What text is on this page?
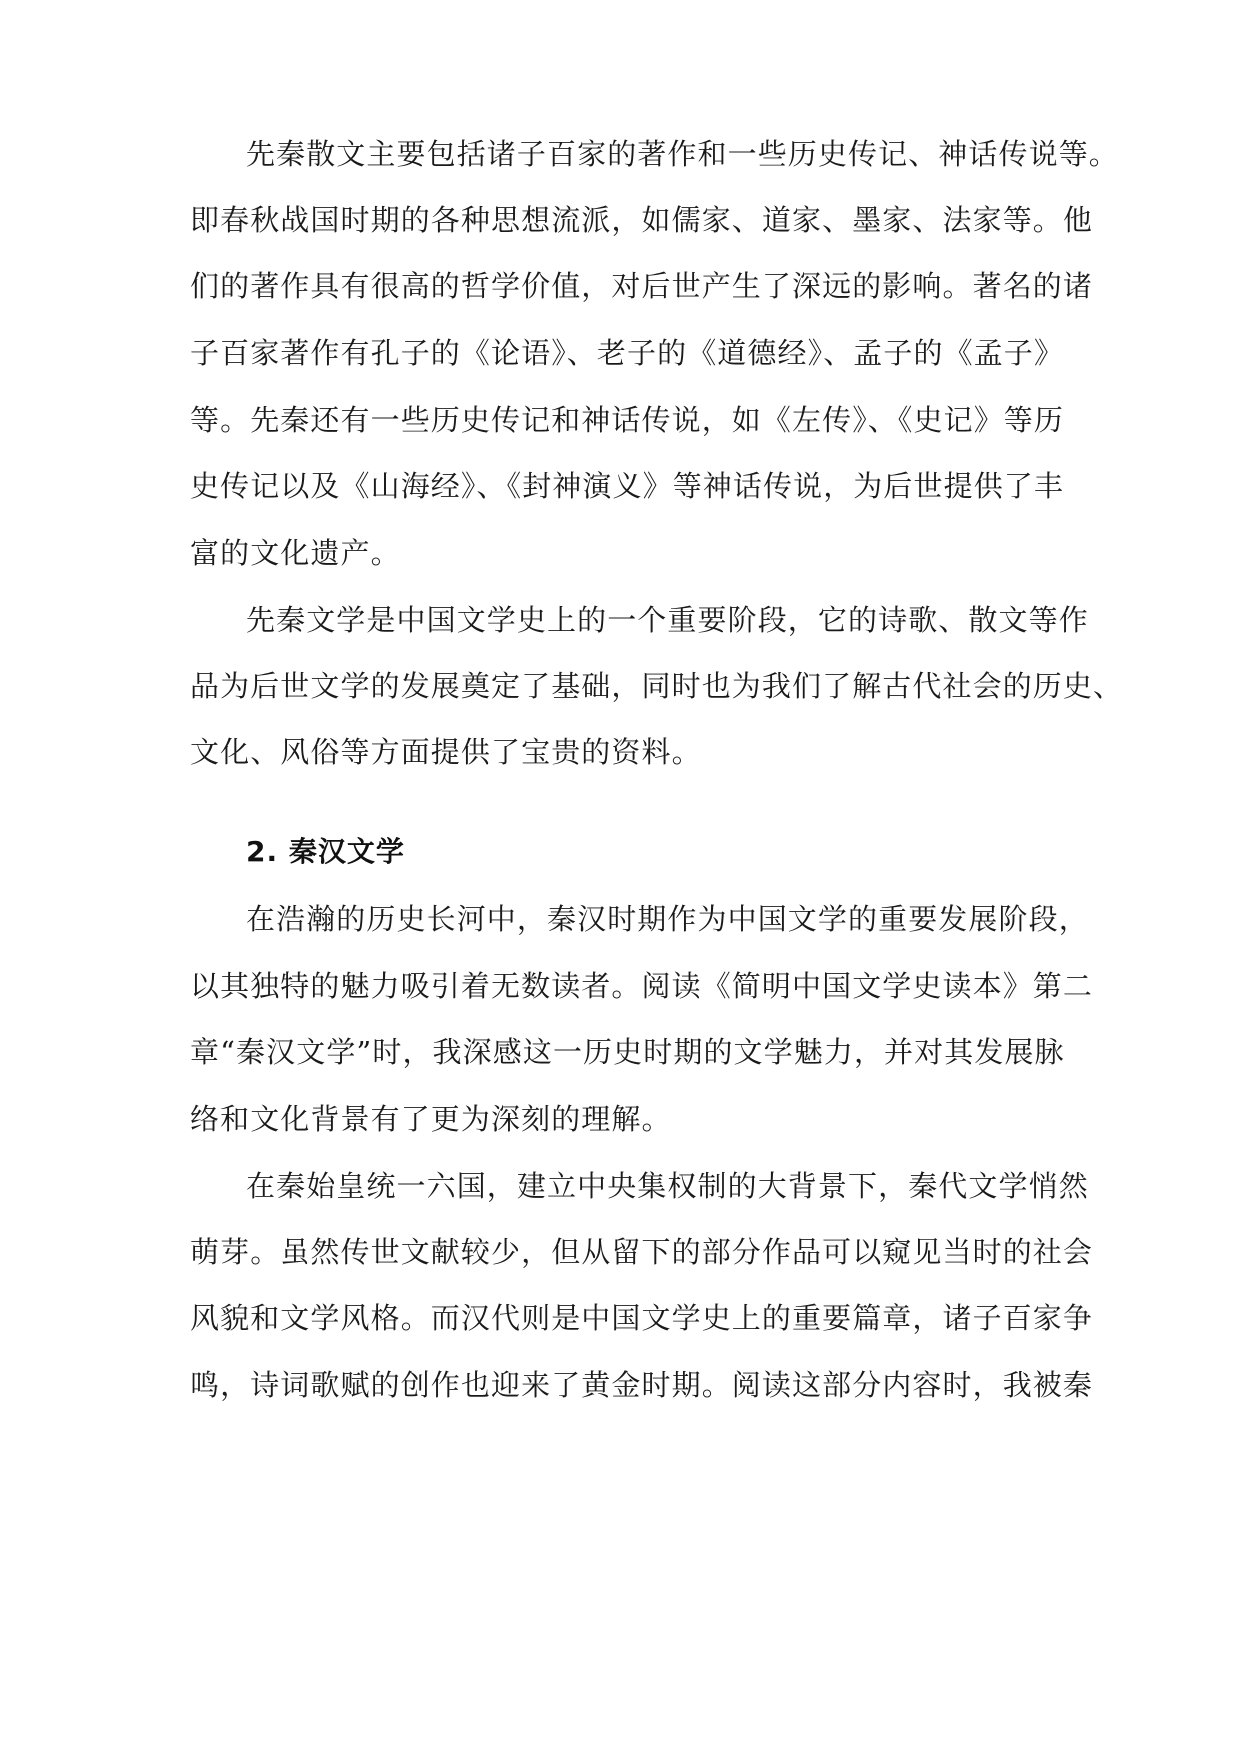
先秦散文主要包括诸子百家的著作和一些历史传记、神话传说等。
即春秋战国时期的各种思想流派，如儒家、道家、墨家、法家等。他
们的著作具有很高的哲学价值，对后世产生了深远的影响。著名的诸
子百家著作有孔子的《论语》、老子的《道德经》、孟子的《孟子》
等。先秦还有一些历史传记和神话传说，如《左传》、《史记》等历
史传记以及《山海经》、《封神演义》等神话传说，为后世提供了丰
富的文化遗产。
先秦文学是中国文学史上的一个重要阶段，它的诗歌、散文等作
品为后世文学的发展奠定了基础，同时也为我们了解古代社会的历史、
文化、风俗等方面提供了宝贵的资料。
2. 秦汉文学
在浩瀚的历史长河中，秦汉时期作为中国文学的重要发展阶段，
以其独特的魅力吸引着无数读者。阅读《简明中国文学史读本》第二
章“秦汉文学”时，我深感这一历史时期的文学魅力，并对其发展脉
络和文化背景有了更为深刻的理解。
在秦始皇统一六国，建立中央集权制的大背景下，秦代文学悄然
萌芽。虽然传世文献较少，但从留下的部分作品可以窥见当时的社会
风貌和文学风格。而汉代则是中国文学史上的重要篇章，诸子百家争
鸣，诗词歌赋的创作也迎来了黄金时期。阅读这部分内容时，我被秦
